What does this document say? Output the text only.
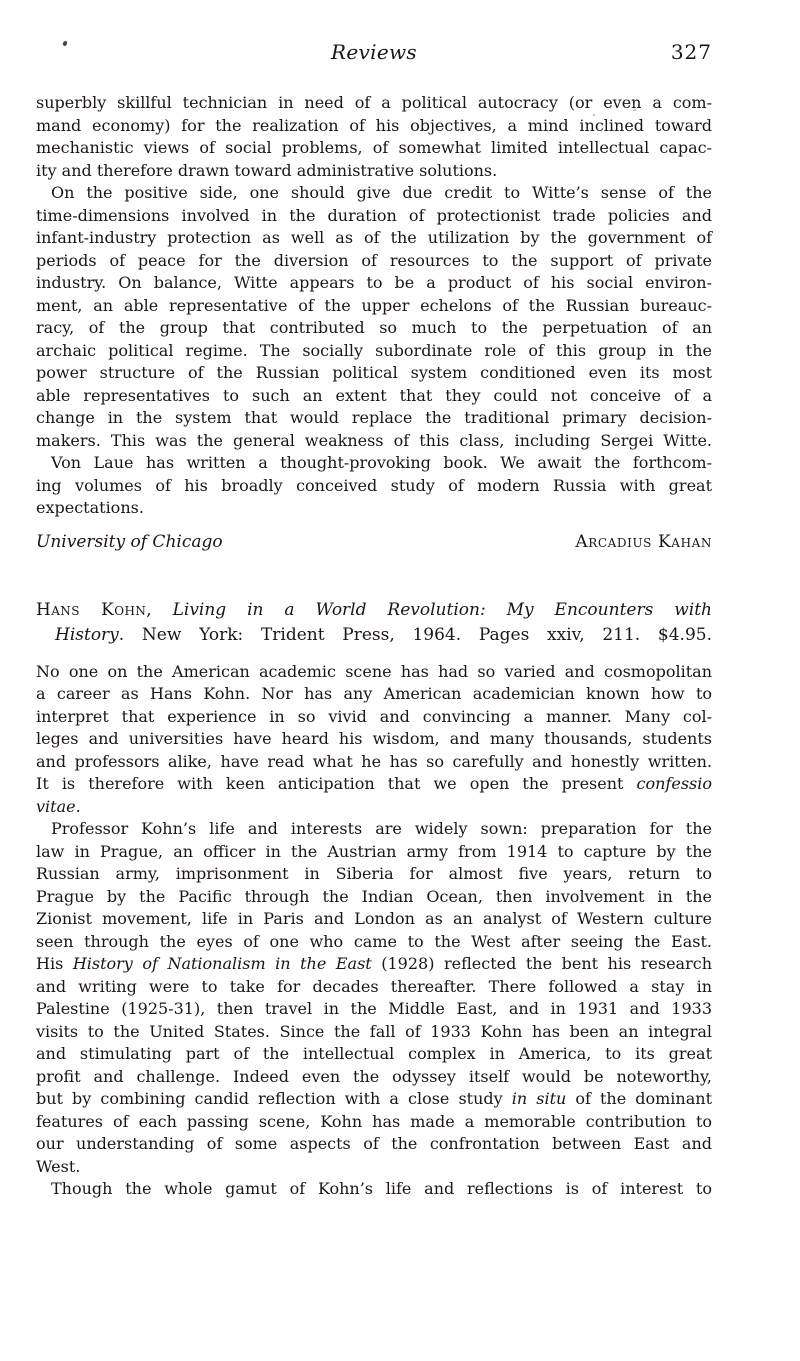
Reviews	327
superbly skillful technician in need of a political autocracy (or even a com-
mand economy) for the realization of his objectives, a mind inclined toward
mechanistic views of social problems, of somewhat limited intellectual capac-
ity and therefore drawn toward administrative solutions.
On the positive side, one should give due credit to Witte’s sense of the
time-dimensions involved in the duration of protectionist trade policies and
infant-industry protection as well as of the utilization by the government of
periods of peace for the diversion of resources to the support of private
industry. On balance, Witte appears to be a product of his social environ-
ment, an able representative of the upper echelons of the Russian bureauc-
racy, of the group that contributed so much to the perpetuation of an
archaic political regime. The socially subordinate role of this group in the
power structure of the Russian political system conditioned even its most
able representatives to such an extent that they could not conceive of a
change in the system that would replace the traditional primary decision-
makers. This was the general weakness of this class, including Sergei Witte.
Von Laue has written a thought-provoking book. We await the forthcom-
ing volumes of his broadly conceived study of modern Russia with great
expectations.
University of Chicago	Arcadius Kahan
Hans Kohn, Living in a World Revolution: My Encounters with
History. New York: Trident Press, 1964. Pages xxiv, 211. $4.95.
No one on the American academic scene has had so varied and cosmopolitan
a career as Hans Kohn. Nor has any American academician known how to
interpret that experience in so vivid and convincing a manner. Many col-
leges and universities have heard his wisdom, and many thousands, students
and professors alike, have read what he has so carefully and honestly written.
It is therefore with keen anticipation that we open the present confessio
vitae.
Professor Kohn’s life and interests are widely sown: preparation for the
law in Prague, an officer in the Austrian army from 1914 to capture by the
Russian army, imprisonment in Siberia for almost five years, return to
Prague by the Pacific through the Indian Ocean, then involvement in the
Zionist movement, life in Paris and London as an analyst of Western culture
seen through the eyes of one who came to the West after seeing the East.
His History of Nationalism in the East (1928) reflected the bent his research
and writing were to take for decades thereafter. There followed a stay in
Palestine (1925-31), then travel in the Middle East, and in 1931 and 1933
visits to the United States. Since the fall of 1933 Kohn has been an integral
and stimulating part of the intellectual complex in America, to its great
profit and challenge. Indeed even the odyssey itself would be noteworthy,
but by combining candid reflection with a close study in situ of the dominant
features of each passing scene, Kohn has made a memorable contribution to
our understanding of some aspects of the confrontation between East and
West.
Though the whole gamut of Kohn’s life and reflections is of interest to
